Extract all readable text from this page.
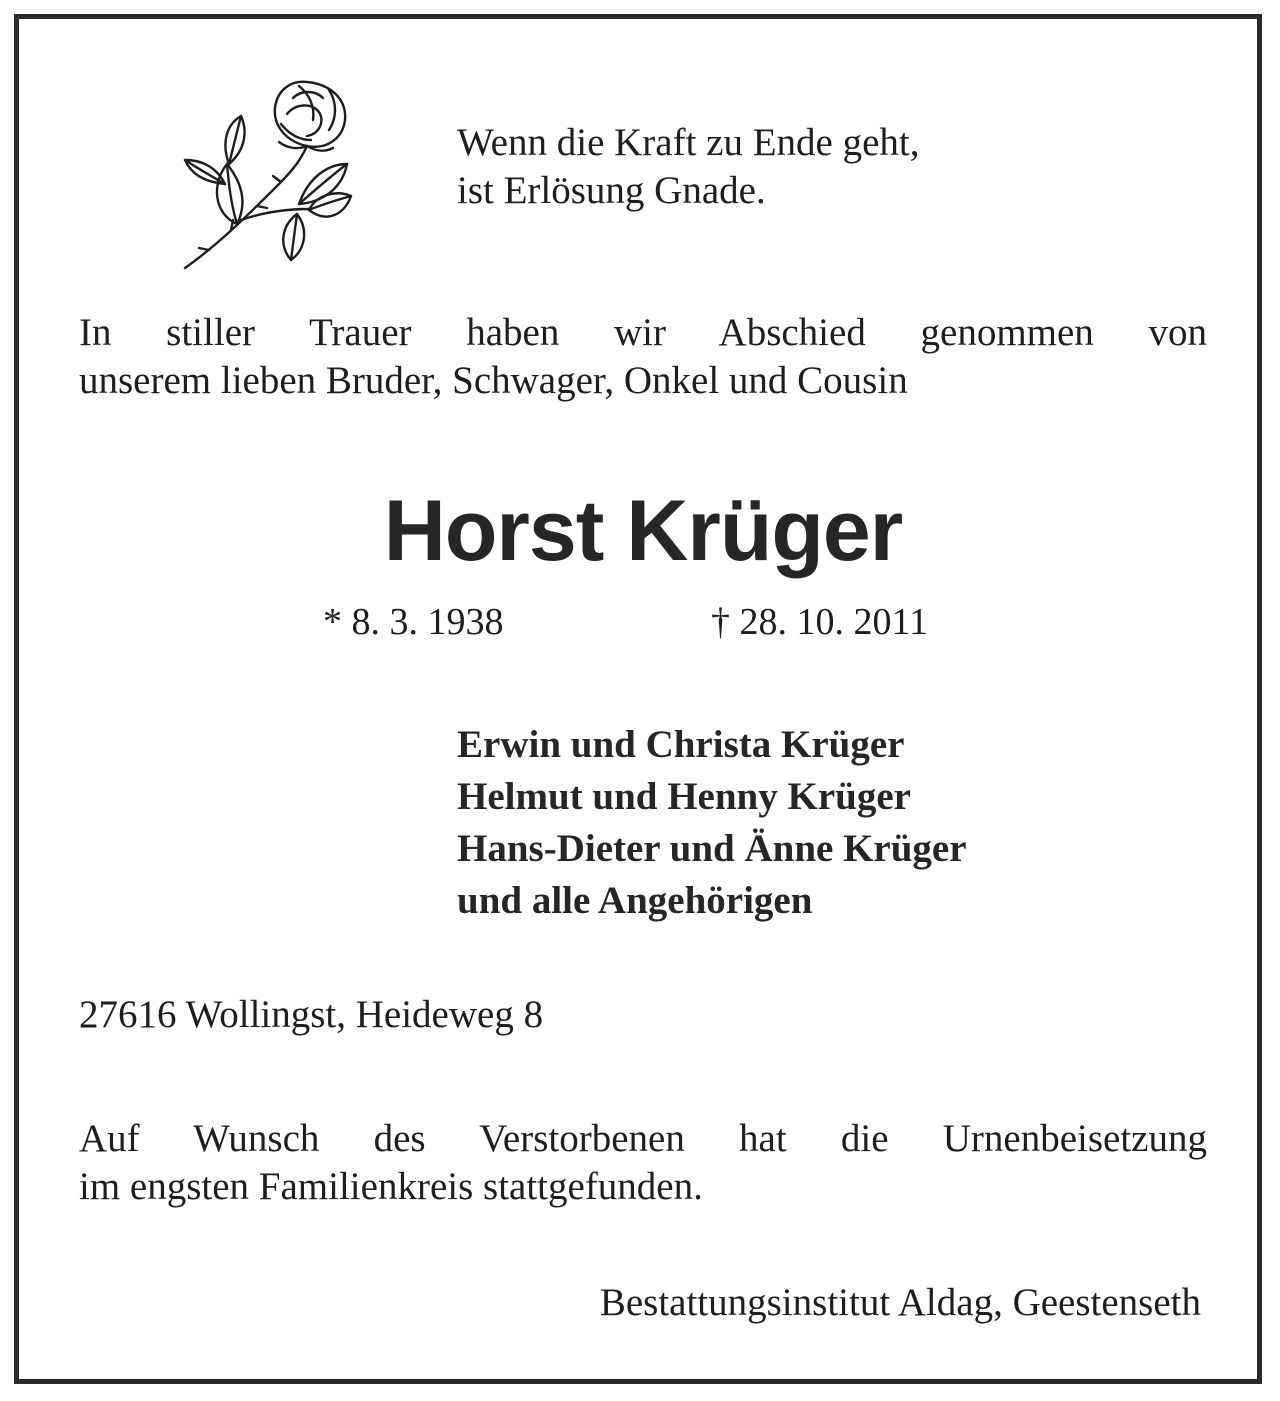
Wenn die Kraft zu Ende geht,
ist Erlösung Gnade.
In stiller Trauer haben wir Abschied genommen von
unserem lieben Bruder, Schwager, Onkel und Cousin
Horst Krüger
* 8. 3. 1938	† 28. 10. 2011
Erwin und Christa Krüger
Helmut und Henny Krüger
Hans-Dieter und Änne Krüger
und alle Angehörigen
27616 Wollingst, Heideweg 8
Auf Wunsch des Verstorbenen hat die Urnenbeisetzung
im engsten Familienkreis stattgefunden.
Bestattungsinstitut Aldag, Geestenseth
